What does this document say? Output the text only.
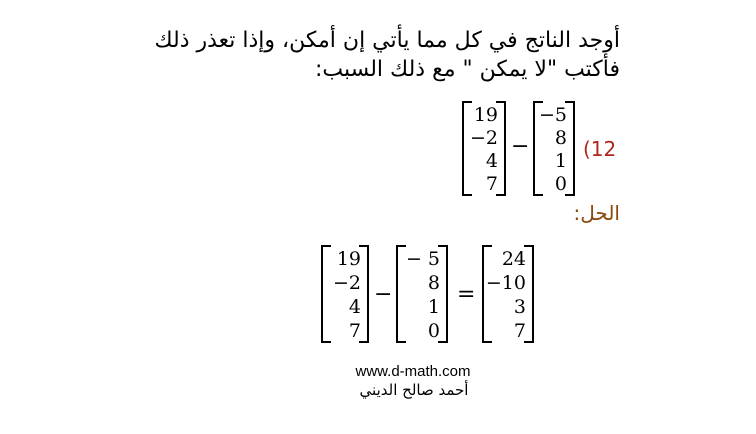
أوجد الناتج في كل مما يأتي إن أمكن، وإذا تعذر ذلك
فأكتب "لا يمكن " مع ذلك السبب:
19
−2
4
7
−
−5
8
1
0
(12
الحل:
19
−2
4
7
−
− 5
8
1
0
=
24
−10
3
7
www.d-math.com
أحمد صالح الديني
